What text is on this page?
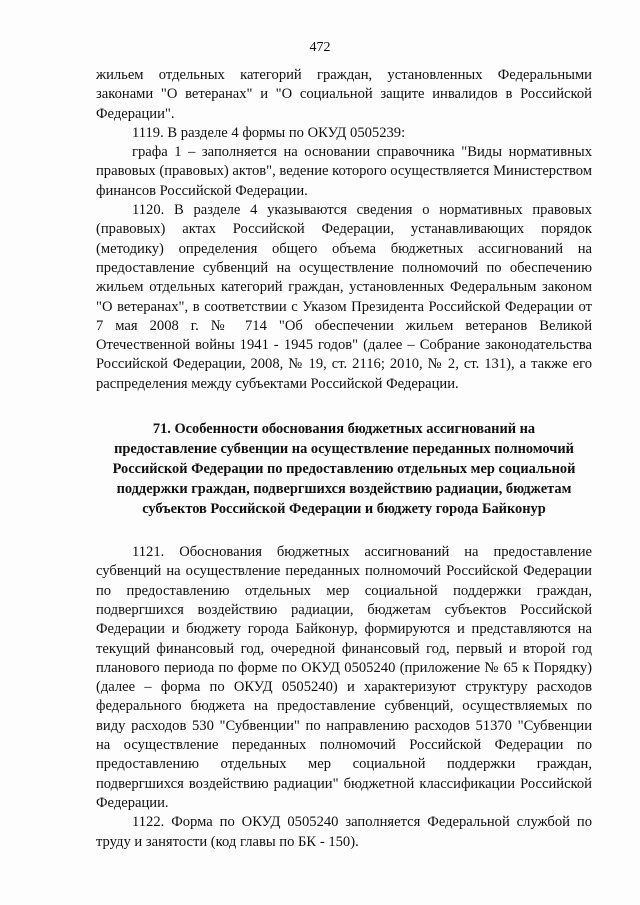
472

жильем отдельных категорий граждан, установленных Федеральными законами "О ветеранах" и "О социальной защите инвалидов в Российской Федерации".

1119. В разделе 4 формы по ОКУД 0505239:

графа 1 – заполняется на основании справочника "Виды нормативных правовых (правовых) актов", ведение которого осуществляется Министерством финансов Российской Федерации.

1120. В разделе 4 указываются сведения о нормативных правовых (правовых) актах Российской Федерации, устанавливающих порядок (методику) определения общего объема бюджетных ассигнований на предоставление субвенций на осуществление полномочий по обеспечению жильем отдельных категорий граждан, установленных Федеральным законом "О ветеранах", в соответствии с Указом Президента Российской Федерации от 7 мая 2008 г. № 714 "Об обеспечении жильем ветеранов Великой Отечественной войны 1941 - 1945 годов" (далее – Собрание законодательства Российской Федерации, 2008, № 19, ст. 2116; 2010, № 2, ст. 131), а также его распределения между субъектами Российской Федерации.

71. Особенности обоснования бюджетных ассигнований на
предоставление субвенции на осуществление переданных полномочий
Российской Федерации по предоставлению отдельных мер социальной
поддержки граждан, подвергшихся воздействию радиации, бюджетам
субъектов Российской Федерации и бюджету города Байконур

1121. Обоснования бюджетных ассигнований на предоставление субвенций на осуществление переданных полномочий Российской Федерации по предоставлению отдельных мер социальной поддержки граждан, подвергшихся воздействию радиации, бюджетам субъектов Российской Федерации и бюджету города Байконур, формируются и представляются на текущий финансовый год, очередной финансовый год, первый и второй год планового периода по форме по ОКУД 0505240 (приложение № 65 к Порядку) (далее – форма по ОКУД 0505240) и характеризуют структуру расходов федерального бюджета на предоставление субвенций, осуществляемых по виду расходов 530 "Субвенции" по направлению расходов 51370 "Субвенции на осуществление переданных полномочий Российской Федерации по предоставлению отдельных мер социальной поддержки граждан, подвергшихся воздействию радиации" бюджетной классификации Российской Федерации.

1122. Форма по ОКУД 0505240 заполняется Федеральной службой по труду и занятости (код главы по БК - 150).
